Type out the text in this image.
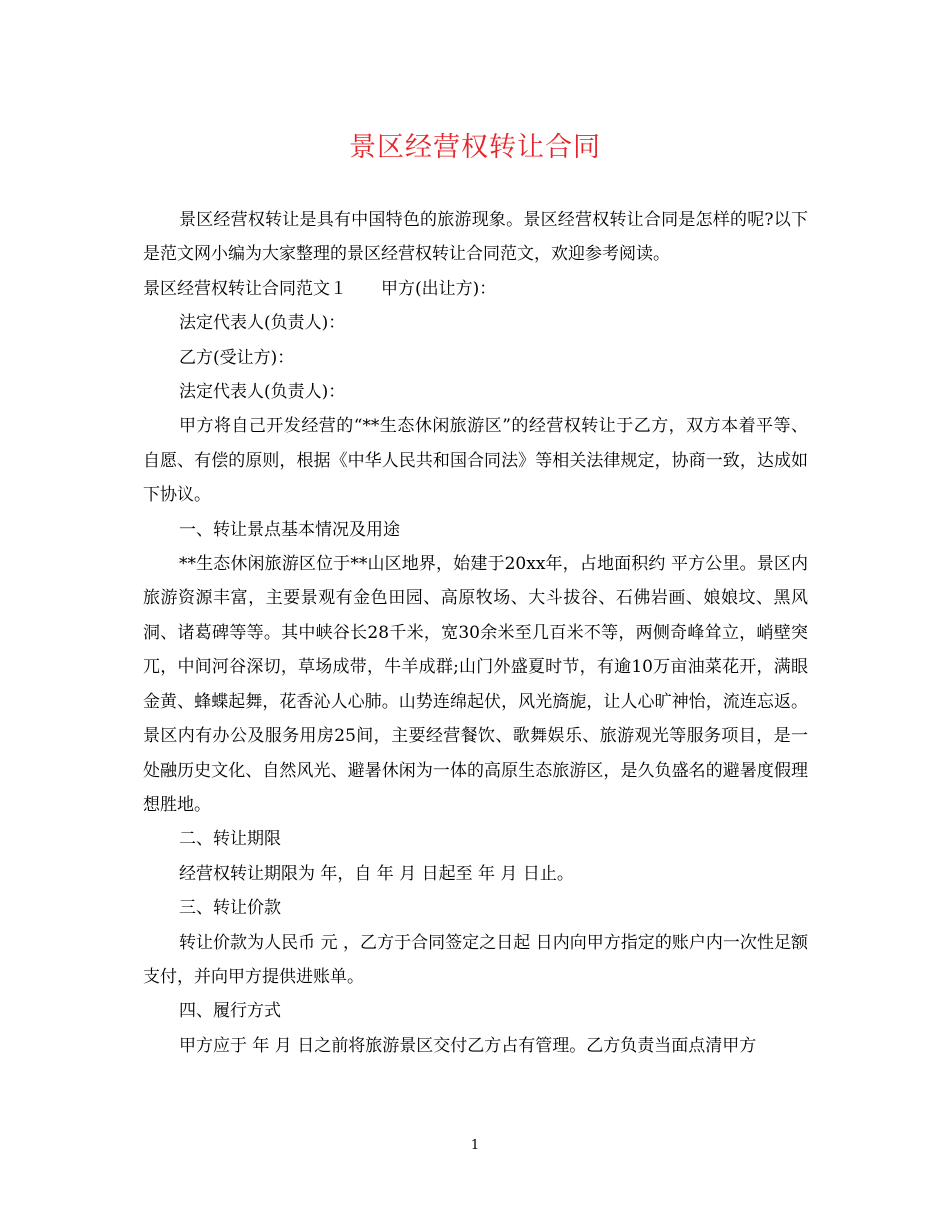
景区经营权转让合同

景区经营权转让是具有中国特色的旅游现象。景区经营权转让合同是怎样的呢?以下是范文网小编为大家整理的景区经营权转让合同范文，欢迎参考阅读。

景区经营权转让合同范文１ 甲方(出让方)：

法定代表人(负责人)：

乙方(受让方)：

法定代表人(负责人)：

甲方将自己开发经营的“**生态休闲旅游区”的经营权转让于乙方，双方本着平等、自愿、有偿的原则，根据《中华人民共和国合同法》等相关法律规定，协商一致，达成如下协议。

一、转让景点基本情况及用途

**生态休闲旅游区位于**山区地界，始建于20xx年，占地面积约 平方公里。景区内旅游资源丰富，主要景观有金色田园、高原牧场、大斗拔谷、石佛岩画、娘娘坟、黑风洞、诸葛碑等等。其中峡谷长28千米，宽30余米至几百米不等，两侧奇峰耸立，峭壁突兀，中间河谷深切，草场成带，牛羊成群;山门外盛夏时节，有逾10万亩油菜花开，满眼金黄、蜂蝶起舞，花香沁人心肺。山势连绵起伏，风光旖旎，让人心旷神怡，流连忘返。景区内有办公及服务用房25间，主要经营餐饮、歌舞娱乐、旅游观光等服务项目，是一处融历史文化、自然风光、避暑休闲为一体的高原生态旅游区，是久负盛名的避暑度假理想胜地。

二、转让期限

经营权转让期限为 年，自 年 月 日起至 年 月 日止。

三、转让价款

转让价款为人民币 元 ，乙方于合同签定之日起 日内向甲方指定的账户内一次性足额支付，并向甲方提供进账单。

四、履行方式

甲方应于 年 月 日之前将旅游景区交付乙方占有管理。乙方负责当面点清甲方

1
